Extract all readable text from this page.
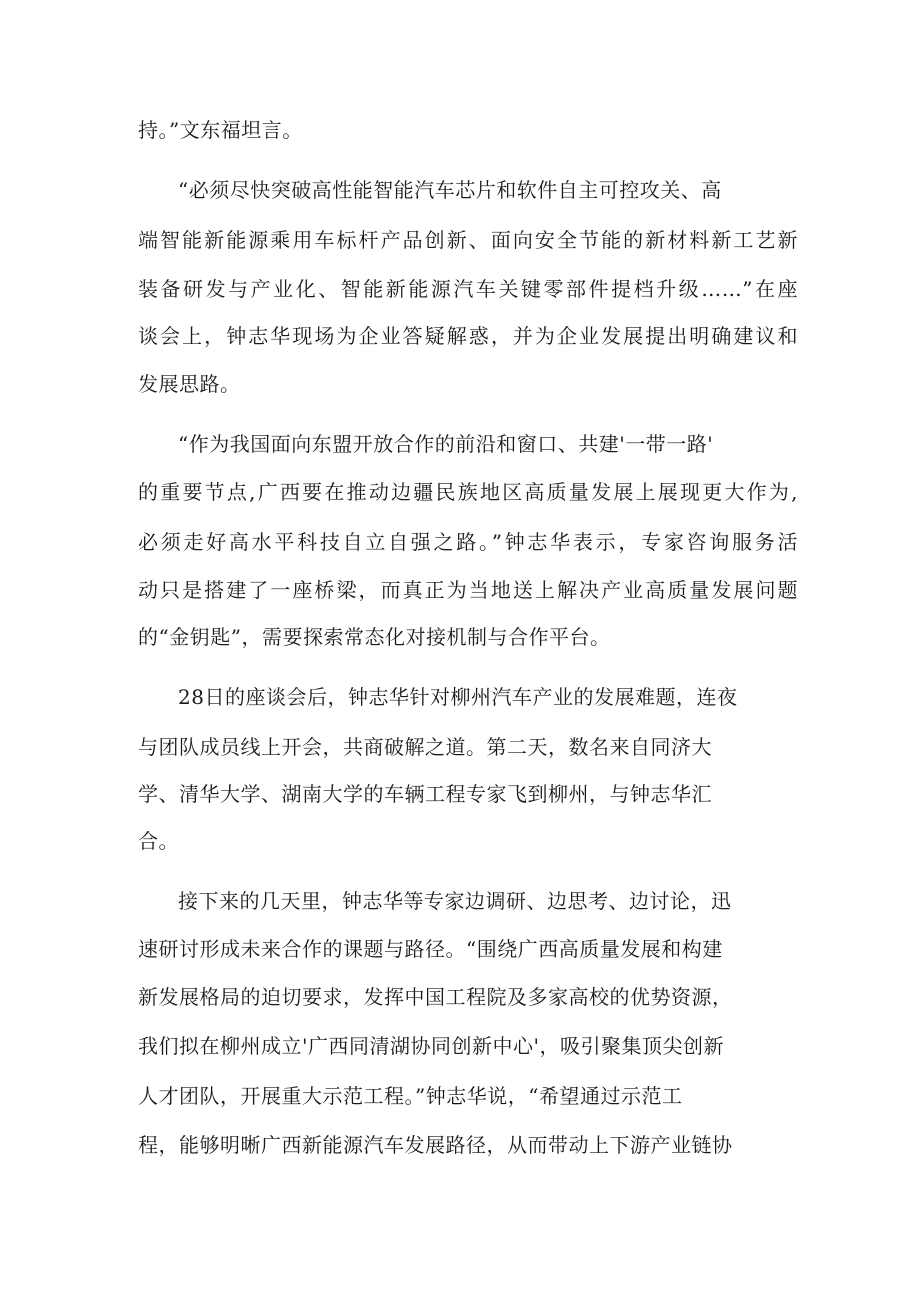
持。”文东福坦言。
“必须尽快突破高性能智能汽车芯片和软件自主可控攻关、高
端智能新能源乘用车标杆产品创新、面向安全节能的新材料新工艺新
装备研发与产业化、智能新能源汽车关键零部件提档升级……”在座
谈会上，钟志华现场为企业答疑解惑，并为企业发展提出明确建议和
发展思路。
“作为我国面向东盟开放合作的前沿和窗口、共建'一带一路'
的重要节点,广西要在推动边疆民族地区高质量发展上展现更大作为,
必须走好高水平科技自立自强之路。”钟志华表示，专家咨询服务活
动只是搭建了一座桥梁，而真正为当地送上解决产业高质量发展问题
的“金钥匙”，需要探索常态化对接机制与合作平台。
28日的座谈会后，钟志华针对柳州汽车产业的发展难题，连夜
与团队成员线上开会，共商破解之道。第二天，数名来自同济大
学、清华大学、湖南大学的车辆工程专家飞到柳州，与钟志华汇
合。
接下来的几天里，钟志华等专家边调研、边思考、边讨论，迅
速研讨形成未来合作的课题与路径。“围绕广西高质量发展和构建
新发展格局的迫切要求，发挥中国工程院及多家高校的优势资源，
我们拟在柳州成立'广西同清湖协同创新中心'，吸引聚集顶尖创新
人才团队，开展重大示范工程。”钟志华说，“希望通过示范工
程，能够明晰广西新能源汽车发展路径，从而带动上下游产业链协
